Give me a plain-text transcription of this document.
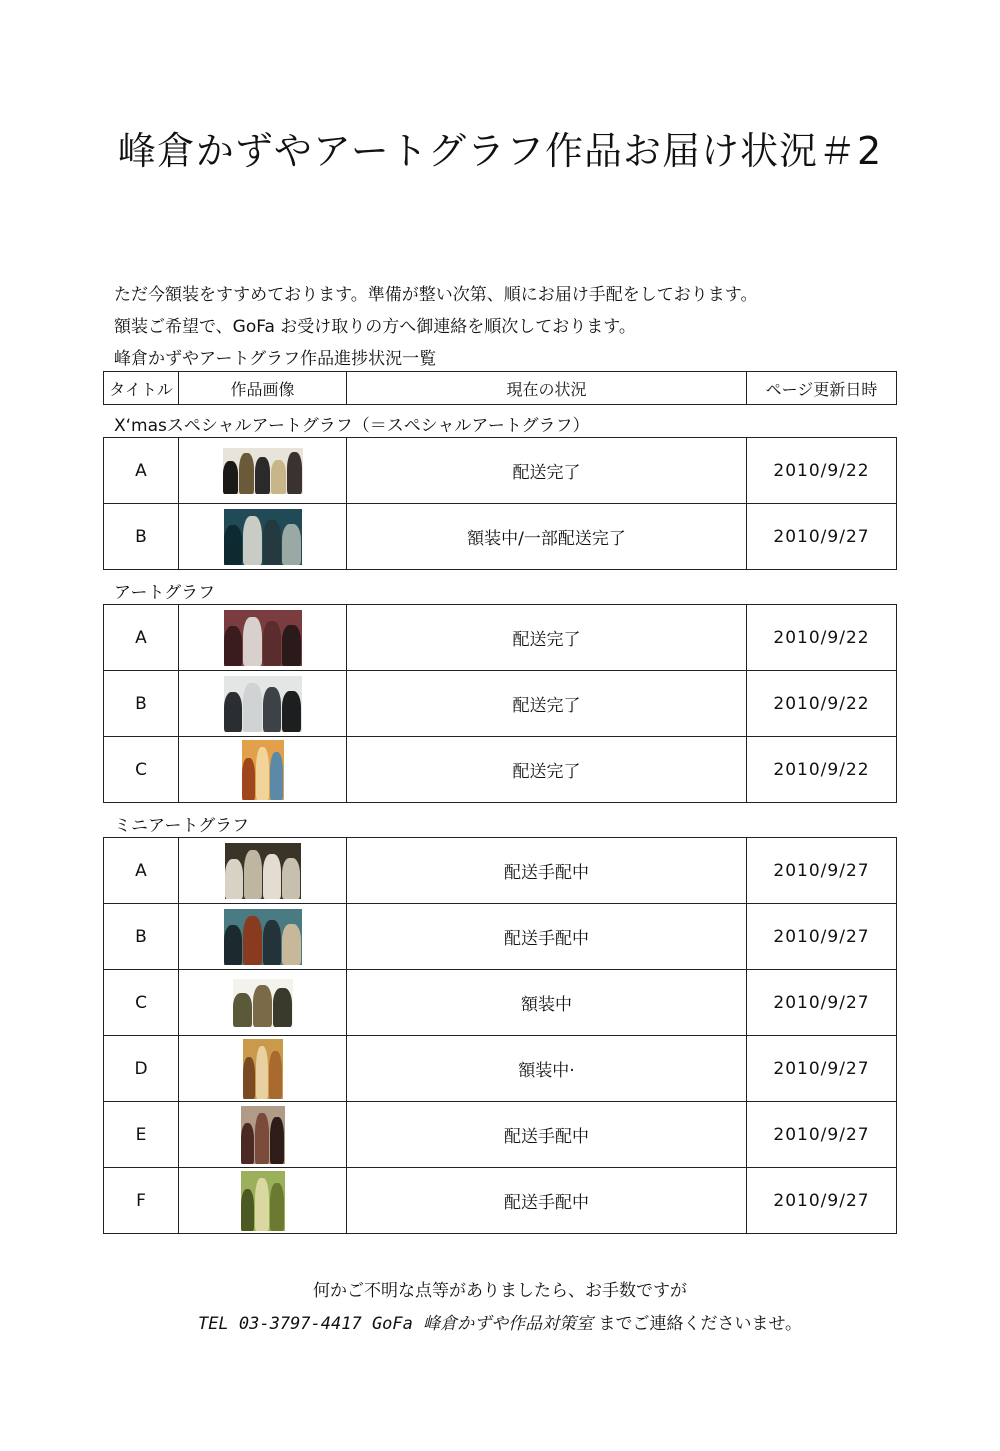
峰倉かずやアートグラフ作品お届け状況＃2
ただ今額装をすすめております。準備が整い次第、順にお届け手配をしております。
額装ご希望で、GoFa お受け取りの方へ御連絡を順次しております。
峰倉かずやアートグラフ作品進捗状況一覧
タイトル	作品画像	現在の状況	ページ更新日時
X‘masスペシャルアートグラフ（＝スペシャルアートグラフ）
A		配送完了	2010/9/22
B		額装中/一部配送完了	2010/9/27
アートグラフ
A		配送完了	2010/9/22
B		配送完了	2010/9/22
C		配送完了	2010/9/22
ミニアートグラフ
A		配送手配中	2010/9/27
B		配送手配中	2010/9/27
C		額装中	2010/9/27
D		額装中·	2010/9/27
E		配送手配中	2010/9/27
F		配送手配中	2010/9/27
何かご不明な点等がありましたら、お手数ですが
TEL 03-3797-4417 GoFa 峰倉かずや作品対策室 までご連絡くださいませ。
